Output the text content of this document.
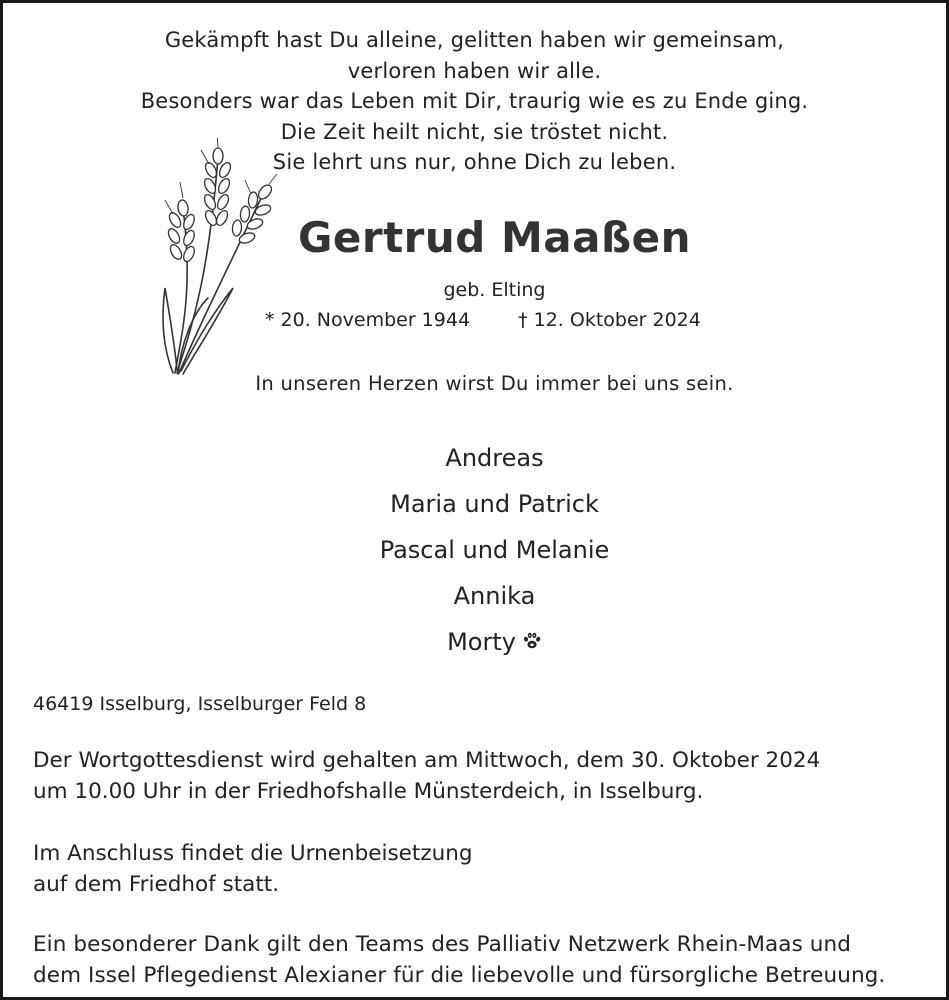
Gekämpft hast Du alleine, gelitten haben wir gemeinsam,
verloren haben wir alle.
Besonders war das Leben mit Dir, traurig wie es zu Ende ging.
Die Zeit heilt nicht, sie tröstet nicht.
Sie lehrt uns nur, ohne Dich zu leben.
Gertrud Maaßen
geb. Elting
* 20. November 1944	† 12. Oktober 2024
In unseren Herzen wirst Du immer bei uns sein.
Andreas
Maria und Patrick
Pascal und Melanie
Annika
Morty
46419 Isselburg, Isselburger Feld 8
Der Wortgottesdienst wird gehalten am Mittwoch, dem 30. Oktober 2024
um 10.00 Uhr in der Friedhofshalle Münsterdeich, in Isselburg.
Im Anschluss findet die Urnenbeisetzung
auf dem Friedhof statt.
Ein besonderer Dank gilt den Teams des Palliativ Netzwerk Rhein-Maas und
dem Issel Pflegedienst Alexianer für die liebevolle und fürsorgliche Betreuung.
